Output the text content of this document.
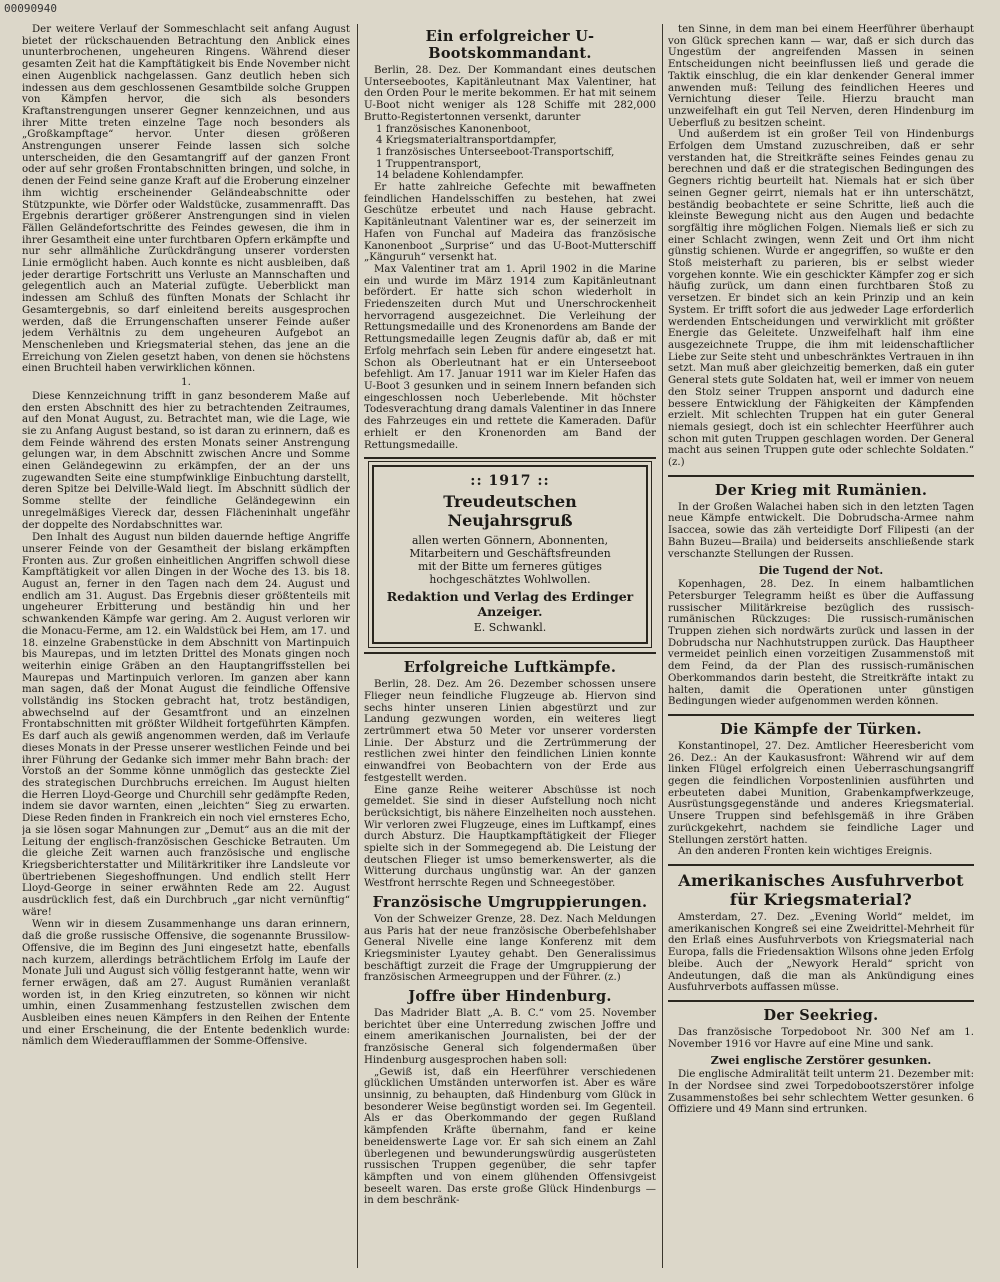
00090940

Der weitere Verlauf der Sommeschlacht seit anfang August bietet der rückschauenden Betrachtung den Anblick eines ununterbrochenen, ungeheuren Ringens. Während dieser gesamten Zeit hat die Kampftätigkeit bis Ende November nicht einen Augenblick nachgelassen. Ganz deutlich heben sich indessen aus dem geschlossenen Gesamtbilde solche Gruppen von Kämpfen hervor, die sich als besonders Kraftanstrengungen unserer Gegner kennzeichnen, und aus ihrer Mitte treten einzelne Tage noch besonders als „Großkampftage“ hervor. Unter diesen größeren Anstrengungen unserer Feinde lassen sich solche unterscheiden, die den Gesamtangriff auf der ganzen Front oder auf sehr großen Frontabschnitten bringen, und solche, in denen der Feind seine ganze Kraft auf die Eroberung einzelner ihm wichtig erscheinender Geländeabschnitte oder Stützpunkte, wie Dörfer oder Waldstücke, zusammenrafft. Das Ergebnis derartiger größerer Anstrengungen sind in vielen Fällen Geländefortschritte des Feindes gewesen, die ihm in ihrer Gesamtheit eine unter furchtbaren Opfern erkämpfte und nur sehr allmähliche Zurückdrängung unserer vordersten Linie ermöglicht haben. Auch konnte es nicht ausbleiben, daß jeder derartige Fortschritt uns Verluste an Mannschaften und gelegentlich auch an Material zufügte. Ueberblickt man indessen am Schluß des fünften Monats der Schlacht ihr Gesamtergebnis, so darf einleitend bereits ausgesprochen werden, daß die Errungenschaften unserer Feinde außer jedem Verhältnis zu dem ungeheuren Aufgebot an Menschenleben und Kriegsmaterial stehen, das jene an die Erreichung von Zielen gesetzt haben, von denen sie höchstens einen Bruchteil haben verwirklichen können.

1.

Diese Kennzeichnung trifft in ganz besonderem Maße auf den ersten Abschnitt des hier zu betrachtenden Zeitraumes, auf den Monat August, zu. Betrachtet man, wie die Lage, wie sie zu Anfang August bestand, so ist daran zu erinnern, daß es dem Feinde während des ersten Monats seiner Anstrengung gelungen war, in dem Abschnitt zwischen Ancre und Somme einen Geländegewinn zu erkämpfen, der an der uns zugewandten Seite eine stumpfwinklige Einbuchtung darstellt, deren Spitze bei Delville-Wald liegt. Im Abschnitt südlich der Somme stellte der feindliche Geländegewinn ein unregelmäßiges Viereck dar, dessen Flächeninhalt ungefähr der doppelte des Nordabschnittes war.

Den Inhalt des August nun bilden dauernde heftige Angriffe unserer Feinde von der Gesamtheit der bislang erkämpften Fronten aus. Zur großen einheitlichen Angriffen schwoll diese Kampftätigkeit vor allen Dingen in der Woche des 13. bis 18. August an, ferner in den Tagen nach dem 24. August und endlich am 31. August. Das Ergebnis dieser größtenteils mit ungeheurer Erbitterung und beständig hin und her schwankenden Kämpfe war gering. Am 2. August verloren wir die Monacu-Ferme, am 12. ein Waldstück bei Hem, am 17. und 18. einzelne Grabenstücke in dem Abschnitt von Martinpuich bis Maurepas, und im letzten Drittel des Monats gingen noch weiterhin einige Gräben an den Hauptangriffsstellen bei Maurepas und Martinpuich verloren. Im ganzen aber kann man sagen, daß der Monat August die feindliche Offensive vollständig ins Stocken gebracht hat, trotz beständigen, abwechselnd auf der Gesamtfront und an einzelnen Frontabschnitten mit größter Wildheit fortgeführten Kämpfen. Es darf auch als gewiß angenommen werden, daß im Verlaufe dieses Monats in der Presse unserer westlichen Feinde und bei ihrer Führung der Gedanke sich immer mehr Bahn brach: der Vorstoß an der Somme könne unmöglich das gesteckte Ziel des strategischen Durchbruchs erreichen. Im August hielten die Herren Lloyd-George und Churchill sehr gedämpfte Reden, indem sie davor warnten, einen „leichten“ Sieg zu erwarten. Diese Reden finden in Frankreich ein noch viel ernsteres Echo, ja sie lösen sogar Mahnungen zur „Demut“ aus an die mit der Leitung der englisch-französischen Geschicke Betrauten. Um die gleiche Zeit warnen auch französische und englische Kriegsberichterstatter und Militärkritiker ihre Landsleute vor übertriebenen Siegeshoffnungen. Und endlich stellt Herr Lloyd-George in seiner erwähnten Rede am 22. August ausdrücklich fest, daß ein Durchbruch „gar nicht vernünftig“ wäre!

Wenn wir in diesem Zusammenhange uns daran erinnern, daß die große russische Offensive, die sogenannte Brussilow-Offensive, die im Beginn des Juni eingesetzt hatte, ebenfalls nach kurzem, allerdings beträchtlichem Erfolg im Laufe der Monate Juli und August sich völlig festgerannt hatte, wenn wir ferner erwägen, daß am 27. August Rumänien veranlaßt worden ist, in den Krieg einzutreten, so können wir nicht umhin, einen Zusammenhang festzustellen zwischen dem Ausbleiben eines neuen Kämpfers in den Reihen der Entente und einer Erscheinung, die der Entente bedenklich wurde: nämlich dem Wiederaufflammen der Somme-Offensive.

Ein erfolgreicher U-Bootskommandant.

Berlin, 28. Dez. Der Kommandant eines deutschen Unterseebootes, Kapitänleutnant Max Valentiner, hat den Orden Pour le merite bekommen. Er hat mit seinem U-Boot nicht weniger als 128 Schiffe mit 282,000 Brutto-Registertonnen versenkt, darunter

1 französisches Kanonenboot,

4 Kriegsmaterialtransportdampfer,

1 französisches Unterseeboot-Transportschiff,

1 Truppentransport,

14 beladene Kohlendampfer.

Er hatte zahlreiche Gefechte mit bewaffneten feindlichen Handelsschiffen zu bestehen, hat zwei Geschütze erbeutet und nach Hause gebracht. Kapitänleutnant Valentiner war es, der seinerzeit im Hafen von Funchal auf Madeira das französische Kanonenboot „Surprise“ und das U-Boot-Mutterschiff „Känguruh“ versenkt hat.

Max Valentiner trat am 1. April 1902 in die Marine ein und wurde im März 1914 zum Kapitänleutnant befördert. Er hatte sich schon wiederholt in Friedenszeiten durch Mut und Unerschrockenheit hervorragend ausgezeichnet. Die Verleihung der Rettungsmedaille und des Kronenordens am Bande der Rettungsmedaille legen Zeugnis dafür ab, daß er mit Erfolg mehrfach sein Leben für andere eingesetzt hat. Schon als Oberleutnant hat er ein Unterseeboot befehligt. Am 17. Januar 1911 war im Kieler Hafen das U-Boot 3 gesunken und in seinem Innern befanden sich eingeschlossen noch Ueberlebende. Mit höchster Todesverachtung drang damals Valentiner in das Innere des Fahrzeuges ein und rettete die Kameraden. Dafür erhielt er den Kronenorden am Band der Rettungsmedaille.

:: 1917 ::
Treudeutschen Neujahrsgruß
allen werten Gönnern, Abonnenten,
Mitarbeitern und Geschäftsfreunden
mit der Bitte um ferneres gütiges
hochgeschätztes Wohlwollen.
Redaktion und Verlag des Erdinger Anzeiger.
E. Schwankl.
Erfolgreiche Luftkämpfe.

Berlin, 28. Dez. Am 26. Dezember schossen unsere Flieger neun feindliche Flugzeuge ab. Hiervon sind sechs hinter unseren Linien abgestürzt und zur Landung gezwungen worden, ein weiteres liegt zertrümmert etwa 50 Meter vor unserer vordersten Linie. Der Absturz und die Zertrümmerung der restlichen zwei hinter den feindlichen Linien konnte einwandfrei von Beobachtern von der Erde aus festgestellt werden.

Eine ganze Reihe weiterer Abschüsse ist noch gemeldet. Sie sind in dieser Aufstellung noch nicht berücksichtigt, bis nähere Einzelheiten noch ausstehen. Wir verloren zwei Flugzeuge, eines im Luftkampf, eines durch Absturz. Die Hauptkampftätigkeit der Flieger spielte sich in der Sommegegend ab. Die Leistung der deutschen Flieger ist umso bemerkenswerter, als die Witterung durchaus ungünstig war. An der ganzen Westfront herrschte Regen und Schneegestöber.

Französische Umgruppierungen.

Von der Schweizer Grenze, 28. Dez. Nach Meldungen aus Paris hat der neue französische Oberbefehlshaber General Nivelle eine lange Konferenz mit dem Kriegsminister Lyautey gehabt. Den Generalissimus beschäftigt zurzeit die Frage der Umgruppierung der französischen Armeegruppen und der Führer. (z.)

Joffre über Hindenburg.

Das Madrider Blatt „A. B. C.“ vom 25. November berichtet über eine Unterredung zwischen Joffre und einem amerikanischen Journalisten, bei der der französische General sich folgendermaßen über Hindenburg ausgesprochen haben soll:

„Gewiß ist, daß ein Heerführer verschiedenen glücklichen Umständen unterworfen ist. Aber es wäre unsinnig, zu behaupten, daß Hindenburg vom Glück in besonderer Weise begünstigt worden sei. Im Gegenteil. Als er das Oberkommando der gegen Rußland kämpfenden Kräfte übernahm, fand er keine beneidenswerte Lage vor. Er sah sich einem an Zahl überlegenen und bewunderungswürdig ausgerüsteten russischen Truppen gegenüber, die sehr tapfer kämpften und von einem glühenden Offensivgeist beseelt waren. Das erste große Glück Hindenburgs — in dem beschränk-

ten Sinne, in dem man bei einem Heerführer überhaupt von Glück sprechen kann — war, daß er sich durch das Ungestüm der angreifenden Massen in seinen Entscheidungen nicht beeinflussen ließ und gerade die Taktik einschlug, die ein klar denkender General immer anwenden muß: Teilung des feindlichen Heeres und Vernichtung dieser Teile. Hierzu braucht man unzweifelhaft ein gut Teil Nerven, deren Hindenburg im Ueberfluß zu besitzen scheint.

Und außerdem ist ein großer Teil von Hindenburgs Erfolgen dem Umstand zuzuschreiben, daß er sehr verstanden hat, die Streitkräfte seines Feindes genau zu berechnen und daß er die strategischen Bedingungen des Gegners richtig beurteilt hat. Niemals hat er sich über seinen Gegner geirrt, niemals hat er ihn unterschätzt, beständig beobachtete er seine Schritte, ließ auch die kleinste Bewegung nicht aus den Augen und bedachte sorgfältig ihre möglichen Folgen. Niemals ließ er sich zu einer Schlacht zwingen, wenn Zeit und Ort ihm nicht günstig schienen. Wurde er angegriffen, so wußte er den Stoß meisterhaft zu parieren, bis er selbst wieder vorgehen konnte. Wie ein geschickter Kämpfer zog er sich häufig zurück, um dann einen furchtbaren Stoß zu versetzen. Er bindet sich an kein Prinzip und an kein System. Er trifft sofort die aus jedweder Lage erforderlich werdenden Entscheidungen und verwirklicht mit größter Energie das Geleitete. Unzweifelhaft half ihm eine ausgezeichnete Truppe, die ihm mit leidenschaftlicher Liebe zur Seite steht und unbeschränktes Vertrauen in ihn setzt. Man muß aber gleichzeitig bemerken, daß ein guter General stets gute Soldaten hat, weil er immer von neuem den Stolz seiner Truppen anspornt und dadurch eine bessere Entwicklung der Fähigkeiten der Kämpfenden erzielt. Mit schlechten Truppen hat ein guter General niemals gesiegt, doch ist ein schlechter Heerführer auch schon mit guten Truppen geschlagen worden. Der General macht aus seinen Truppen gute oder schlechte Soldaten.“ (z.)

Der Krieg mit Rumänien.

In der Großen Walachei haben sich in den letzten Tagen neue Kämpfe entwickelt. Die Dobrudscha-Armee nahm Isaccea, sowie das zäh verteidigte Dorf Filipesti (an der Bahn Buzeu—Braila) und beiderseits anschließende stark verschanzte Stellungen der Russen.

Die Tugend der Not.

Kopenhagen, 28. Dez. In einem halbamtlichen Petersburger Telegramm heißt es über die Auffassung russischer Militärkreise bezüglich des russisch-rumänischen Rückzuges: Die russisch-rumänischen Truppen ziehen sich nordwärts zurück und lassen in der Dobrudscha nur Nachhutstruppen zurück. Das Hauptheer vermeidet peinlich einen vorzeitigen Zusammenstoß mit dem Feind, da der Plan des russisch-rumänischen Oberkommandos darin besteht, die Streitkräfte intakt zu halten, damit die Operationen unter günstigen Bedingungen wieder aufgenommen werden können.

Die Kämpfe der Türken.

Konstantinopel, 27. Dez. Amtlicher Heeresbericht vom 26. Dez.: An der Kaukasusfront: Während wir auf dem linken Flügel erfolgreich einen Ueberraschungsangriff gegen die feindlichen Vorpostenlinien ausführten und erbeuteten dabei Munition, Grabenkampfwerkzeuge, Ausrüstungsgegenstände und anderes Kriegsmaterial. Unsere Truppen sind befehlsgemäß in ihre Gräben zurückgekehrt, nachdem sie feindliche Lager und Stellungen zerstört hatten.

An den anderen Fronten kein wichtiges Ereignis.

Amerikanisches Ausfuhrverbot
für Kriegsmaterial?

Amsterdam, 27. Dez. „Evening World“ meldet, im amerikanischen Kongreß sei eine Zweidrittel-Mehrheit für den Erlaß eines Ausfuhrverbots von Kriegsmaterial nach Europa, falls die Friedensaktion Wilsons ohne jeden Erfolg bleibe. Auch der „Newyork Herald“ spricht von Andeutungen, daß die man als Ankündigung eines Ausfuhrverbots auffassen müsse.

Der Seekrieg.

Das französische Torpedoboot Nr. 300 Nef am 1. November 1916 vor Havre auf eine Mine und sank.

Zwei englische Zerstörer gesunken.

Die englische Admiralität teilt unterm 21. Dezember mit: In der Nordsee sind zwei Torpedobootszerstörer infolge Zusammenstoßes bei sehr schlechtem Wetter gesunken. 6 Offiziere und 49 Mann sind ertrunken.
